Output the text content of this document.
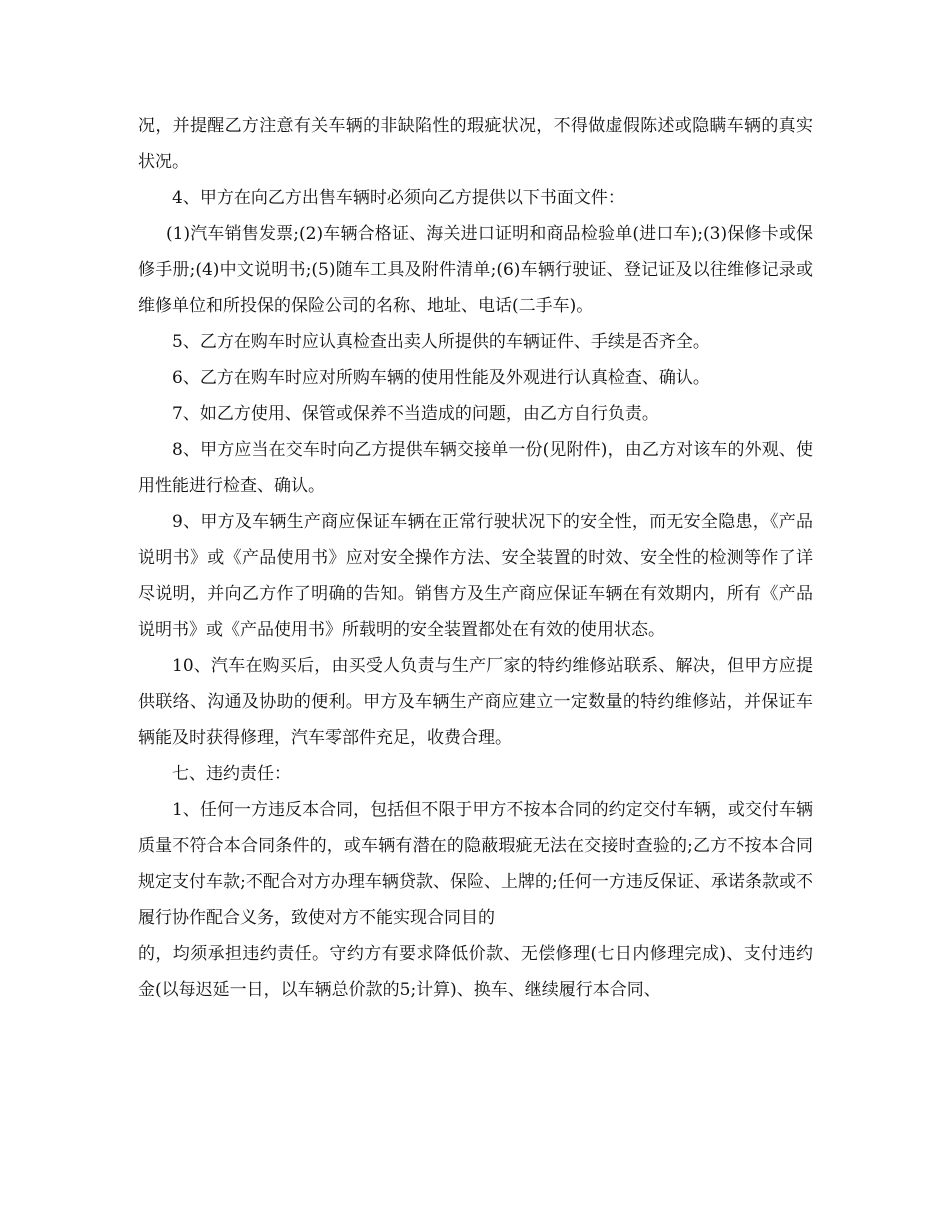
况，并提醒乙方注意有关车辆的非缺陷性的瑕疵状况，不得做虚假陈述或隐瞒车辆的真实状况。

4、甲方在向乙方出售车辆时必须向乙方提供以下书面文件：

(1)汽车销售发票;(2)车辆合格证、海关进口证明和商品检验单(进口车);(3)保修卡或保修手册;(4)中文说明书;(5)随车工具及附件清单;(6)车辆行驶证、登记证及以往维修记录或维修单位和所投保的保险公司的名称、地址、电话(二手车)。

5、乙方在购车时应认真检查出卖人所提供的车辆证件、手续是否齐全。

6、乙方在购车时应对所购车辆的使用性能及外观进行认真检查、确认。

7、如乙方使用、保管或保养不当造成的问题，由乙方自行负责。

8、甲方应当在交车时向乙方提供车辆交接单一份(见附件)，由乙方对该车的外观、使用性能进行检查、确认。

9、甲方及车辆生产商应保证车辆在正常行驶状况下的安全性，而无安全隐患，《产品说明书》或《产品使用书》应对安全操作方法、安全装置的时效、安全性的检测等作了详尽说明，并向乙方作了明确的告知。销售方及生产商应保证车辆在有效期内，所有《产品说明书》或《产品使用书》所载明的安全装置都处在有效的使用状态。

10、汽车在购买后，由买受人负责与生产厂家的特约维修站联系、解决，但甲方应提供联络、沟通及协助的便利。甲方及车辆生产商应建立一定数量的特约维修站，并保证车辆能及时获得修理，汽车零部件充足，收费合理。

七、违约责任：

1、任何一方违反本合同，包括但不限于甲方不按本合同的约定交付车辆，或交付车辆质量不符合本合同条件的，或车辆有潜在的隐蔽瑕疵无法在交接时查验的;乙方不按本合同规定支付车款;不配合对方办理车辆贷款、保险、上牌的;任何一方违反保证、承诺条款或不履行协作配合义务，致使对方不能实现合同目的

的，均须承担违约责任。守约方有要求降低价款、无偿修理(七日内修理完成)、支付违约金(以每迟延一日，以车辆总价款的5;计算)、换车、继续履行本合同、
